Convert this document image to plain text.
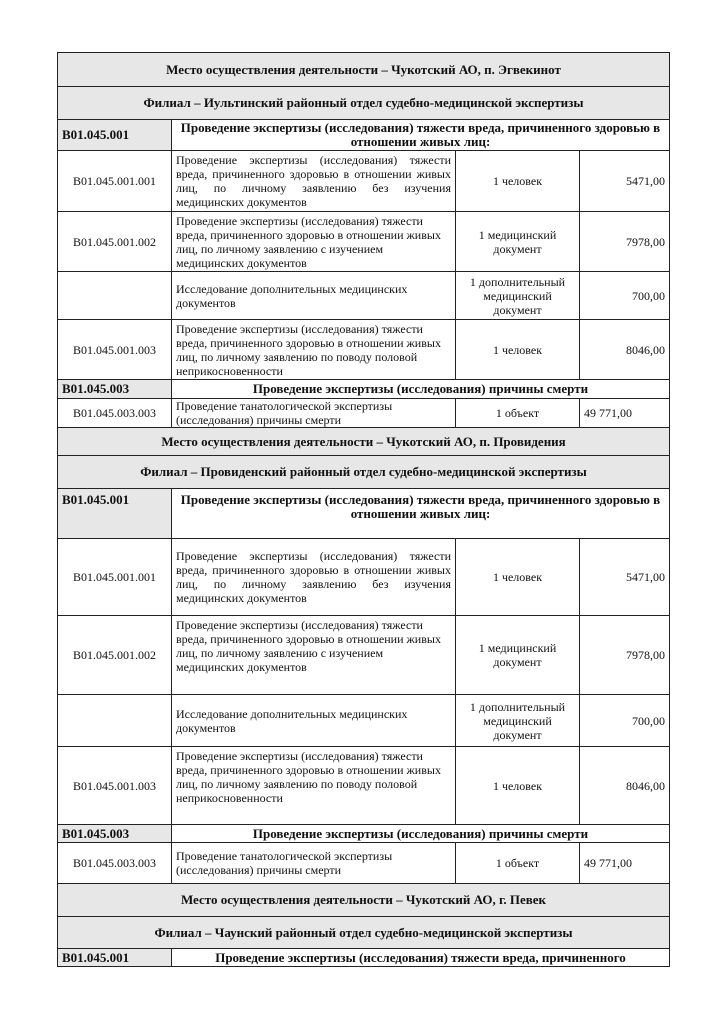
Место осуществления деятельности – Чукотский АО, п. Эгвекинот			
Филиал – Иультинский районный отдел судебно-медицинской экспертизы			
B01.045.001	Проведение экспертизы (исследования) тяжести вреда, причиненного здоровью в отношении живых лиц:		
B01.045.001.001	Проведение экспертизы (исследования) тяжести вреда, причиненного здоровью в отношении живых лиц, по личному заявлению без изучения медицинских документов	1 человек	5471,00
B01.045.001.002	Проведение экспертизы (исследования) тяжести вреда, причиненного здоровью в отношении живых лиц, по личному заявлению с изучением медицинских документов	1 медицинский документ	7978,00
	Исследование дополнительных медицинских документов	1 дополнительный медицинский документ	700,00
B01.045.001.003	Проведение экспертизы (исследования) тяжести вреда, причиненного здоровью в отношении живых лиц, по личному заявлению по поводу половой неприкосновенности	1 человек	8046,00
B01.045.003	Проведение экспертизы (исследования) причины смерти		
B01.045.003.003	Проведение танатологической экспертизы (исследования) причины смерти	1 объект	49 771,00
Место осуществления деятельности – Чукотский АО, п. Провидения			
Филиал – Провиденский районный отдел судебно-медицинской экспертизы			
B01.045.001	Проведение экспертизы (исследования) тяжести вреда, причиненного здоровью в отношении живых лиц:		
B01.045.001.001	Проведение экспертизы (исследования) тяжести вреда, причиненного здоровью в отношении живых лиц, по личному заявлению без изучения медицинских документов	1 человек	5471,00
B01.045.001.002	Проведение экспертизы (исследования) тяжести вреда, причиненного здоровью в отношении живых лиц, по личному заявлению с изучением медицинских документов	1 медицинский документ	7978,00
	Исследование дополнительных медицинских документов	1 дополнительный медицинский документ	700,00
B01.045.001.003	Проведение экспертизы (исследования) тяжести вреда, причиненного здоровью в отношении живых лиц, по личному заявлению по поводу половой неприкосновенности	1 человек	8046,00
B01.045.003	Проведение экспертизы (исследования) причины смерти		
B01.045.003.003	Проведение танатологической экспертизы (исследования) причины смерти	1 объект	49 771,00
Место осуществления деятельности – Чукотский АО, г. Певек			
Филиал – Чаунский районный отдел судебно-медицинской экспертизы			
B01.045.001	Проведение экспертизы (исследования) тяжести вреда, причиненного		
